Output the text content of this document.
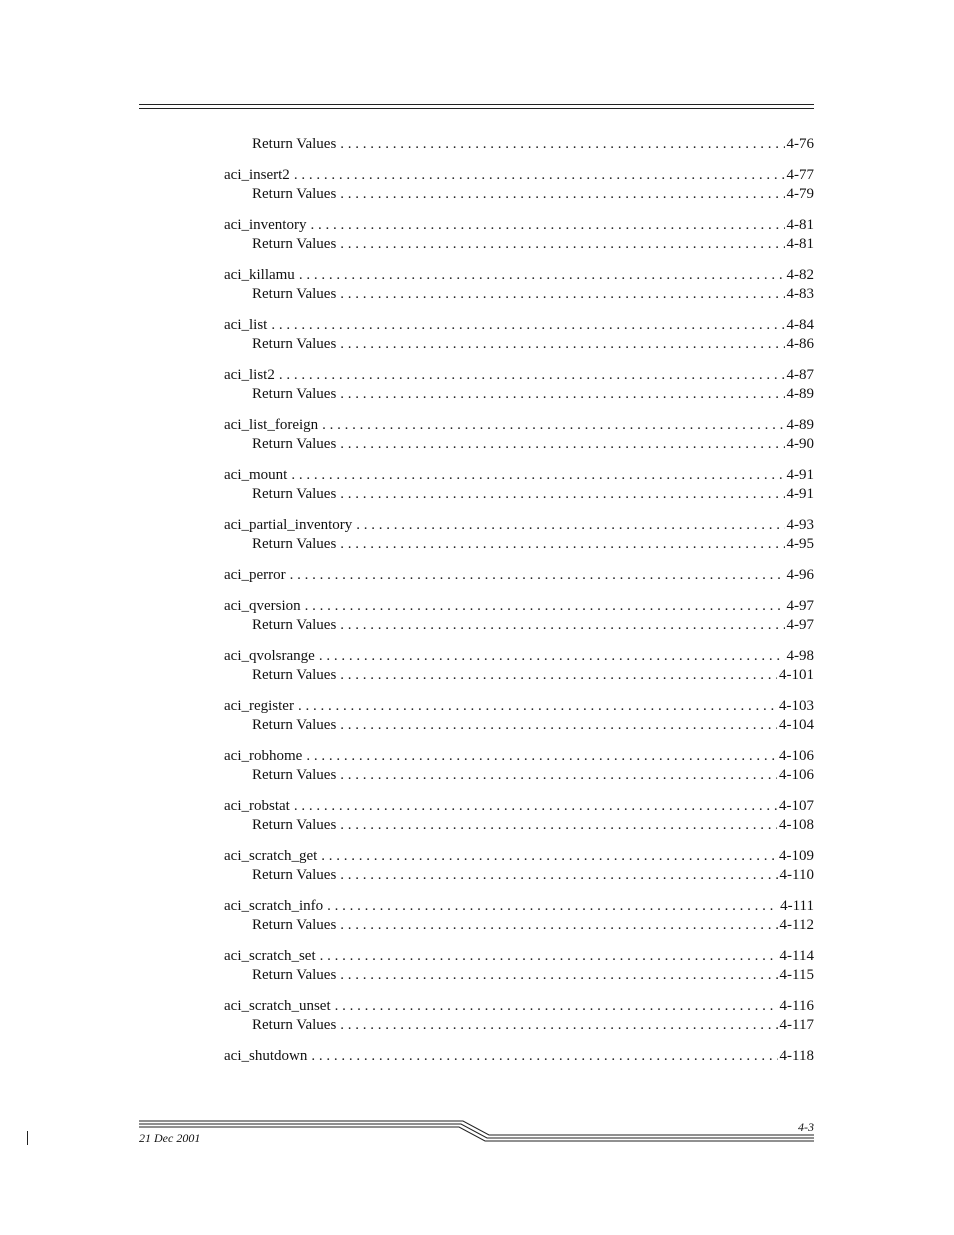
Return Values . . .	4-76
aci_insert2 . . .	4-77
Return Values . . .	4-79
aci_inventory . . .	4-81
Return Values . . .	4-81
aci_killamu . . .	4-82
Return Values . . .	4-83
aci_list . . .	4-84
Return Values . . .	4-86
aci_list2 . . .	4-87
Return Values . . .	4-89
aci_list_foreign . . .	4-89
Return Values . . .	4-90
aci_mount . . .	4-91
Return Values . . .	4-91
aci_partial_inventory . . .	4-93
Return Values . . .	4-95
aci_perror . . .	4-96
aci_qversion . . .	4-97
Return Values . . .	4-97
aci_qvolsrange . . .	4-98
Return Values . . .	4-101
aci_register . . .	4-103
Return Values . . .	4-104
aci_robhome . . .	4-106
Return Values . . .	4-106
aci_robstat . . .	4-107
Return Values . . .	4-108
aci_scratch_get . . .	4-109
Return Values . . .	4-110
aci_scratch_info . . .	4-111
Return Values . . .	4-112
aci_scratch_set . . .	4-114
Return Values . . .	4-115
aci_scratch_unset . . .	4-116
Return Values . . .	4-117
aci_shutdown . . .	4-118
21 Dec 2001
4-3
